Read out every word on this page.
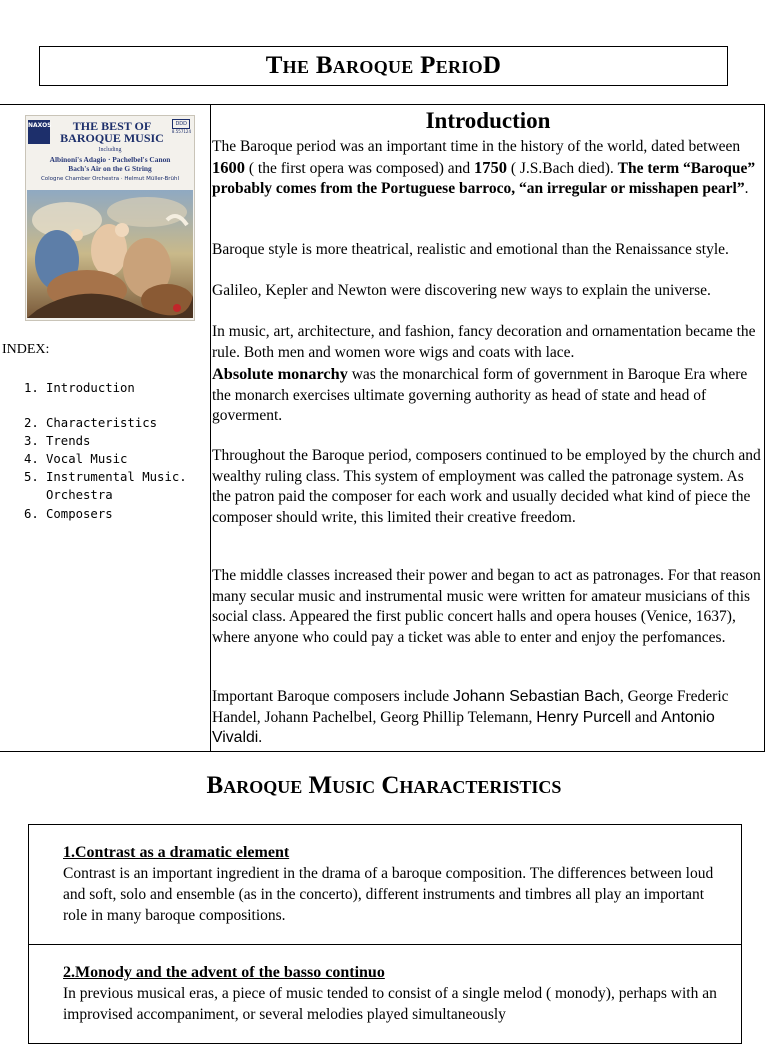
The Baroque PerioD
NAXOS	DDD
8.557124
THE BEST OF
BAROQUE MUSIC
Including
Albinoni's Adagio · Pachelbel's Canon
Bach's Air on the G String
Cologne Chamber Orchestra · Helmut Müller-Brühl
INDEX:
1. Introduction
2. Characteristics
3. Trends
4. Vocal Music
5. Instrumental Music.
Orchestra
6. Composers
Introduction

The Baroque period was an important time in the history of the world, dated between 1600 ( the first opera was composed) and 1750 ( J.S.Bach died). The term “Baroque” probably comes from the Portuguese barroco, “an irregular or misshapen pearl”.

Baroque style is more theatrical, realistic and emotional than the Renaissance style.

Galileo, Kepler and Newton were discovering new ways to explain the universe.

In music, art, architecture, and fashion, fancy decoration and ornamentation became the rule. Both men and women wore wigs and coats with lace.

Absolute monarchy was the monarchical form of government in Baroque Era where the monarch exercises ultimate governing authority as head of state and head of goverment.

Throughout the Baroque period, composers continued to be employed by the church and wealthy ruling class. This system of employment was called the patronage system. As the patron paid the composer for each work and usually decided what kind of piece the composer should write, this limited their creative freedom.

The middle classes increased their power and began to act as patronages. For that reason many secular music and instrumental music were written for amateur musicians of this social class. Appeared the first public concert halls and opera houses (Venice, 1637), where anyone who could pay a ticket was able to enter and enjoy the perfomances.

Important Baroque composers include Johann Sebastian Bach, George Frederic Handel, Johann Pachelbel, Georg Phillip Telemann, Henry Purcell and Antonio Vivaldi.

Baroque Music Characteristics
1.Contrast as a dramatic element

Contrast is an important ingredient in the drama of a baroque composition. The differences between loud and soft, solo and ensemble (as in the concerto), different instruments and timbres all play an important role in many baroque compositions.

2.Monody and the advent of the basso continuo

In previous musical eras, a piece of music tended to consist of a single melod ( monody), perhaps with an improvised accompaniment, or several melodies played simultaneously
